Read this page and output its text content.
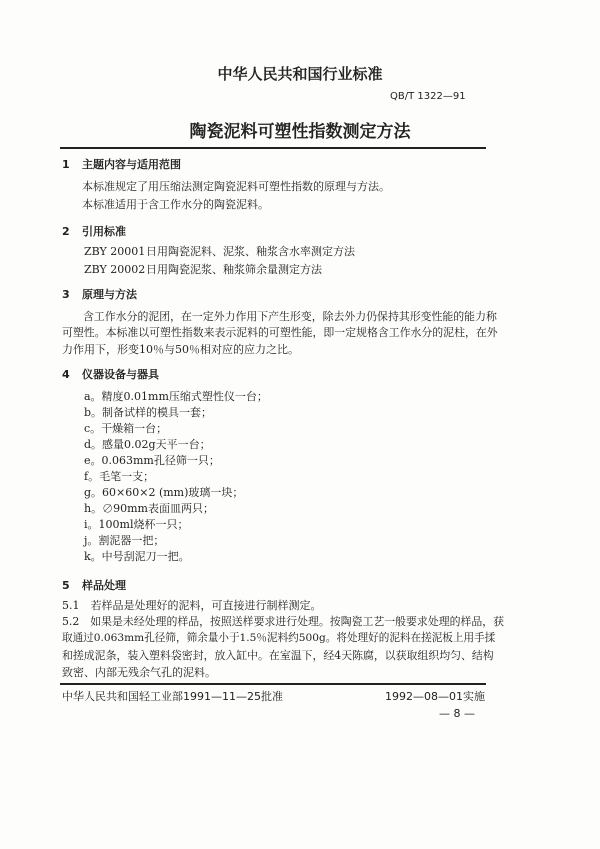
中华人民共和国行业标准
QB/T 1322—91
陶瓷泥料可塑性指数测定方法
1 主题内容与适用范围
本标准规定了用压缩法测定陶瓷泥料可塑性指数的原理与方法。
本标准适用于含工作水分的陶瓷泥料。
2 引用标准
ZBY 20001日用陶瓷泥料、泥浆、釉浆含水率测定方法
ZBY 20002日用陶瓷泥浆、釉浆筛余量测定方法
3 原理与方法
含工作水分的泥团，在一定外力作用下产生形变，除去外力仍保持其形变性能的能力称
可塑性。本标准以可塑性指数来表示泥料的可塑性能，即一定规格含工作水分的泥柱，在外
力作用下，形变10％与50％相对应的应力之比。
4 仪器设备与器具
a。精度0.01mm压缩式塑性仪一台；
b。制备试样的模具一套；
c。干燥箱一台；
d。感量0.02g天平一台；
e。0.063mm孔径筛一只；
f。毛笔一支；
g。60×60×2 (mm)玻璃一块；
h。∅90mm表面皿两只；
i。100ml烧杯一只；
j。割泥器一把；
k。中号刮泥刀一把。
5 样品处理
5.1　若样品是处理好的泥料，可直接进行制样测定。
5.2　如果是未经处理的样品，按照送样要求进行处理。按陶瓷工艺一般要求处理的样品，获
取通过0.063mm孔径筛，筛余量小于1.5％泥料约500g。将处理好的泥料在搓泥板上用手揉
和搓成泥条，装入塑料袋密封，放入缸中。在室温下，经4天陈腐，以获取组织均匀、结构
致密、内部无残余气孔的泥料。
中华人民共和国轻工业部1991—11—25批准	1992—08—01实施
— 8 —
